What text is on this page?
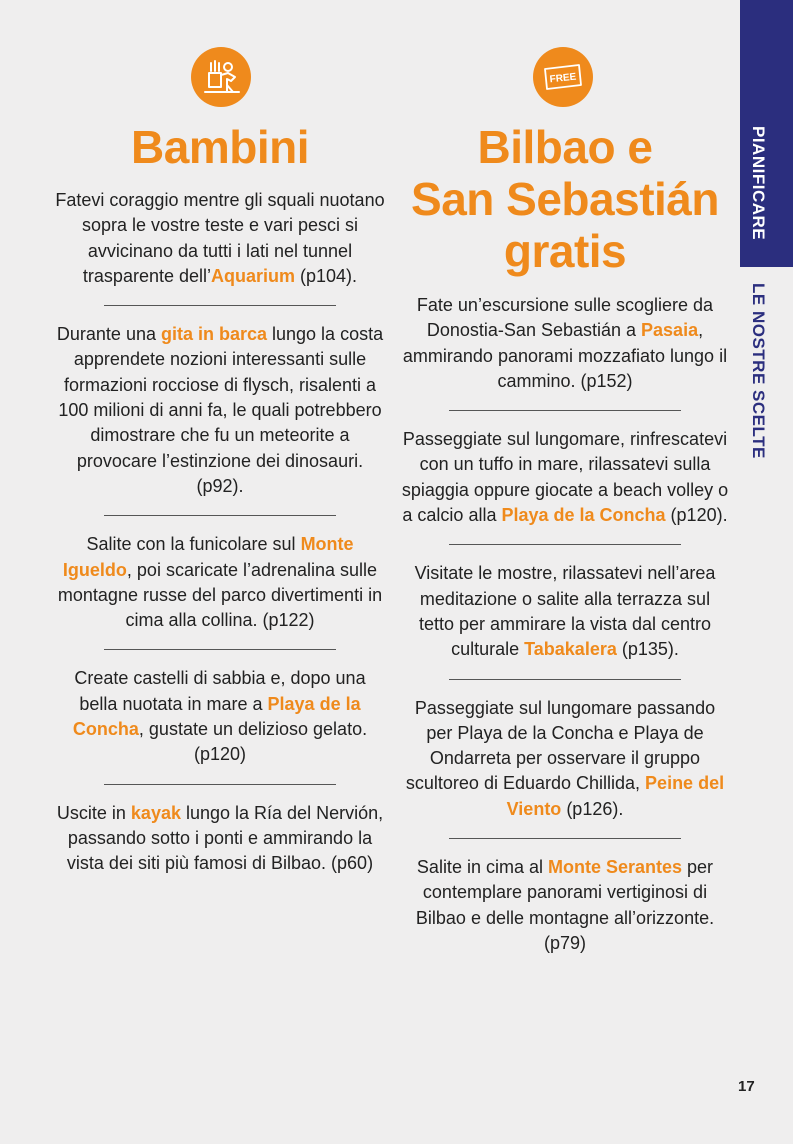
PIANIFICARE
LE NOSTRE SCELTE
Bambini
Fatevi coraggio mentre gli squali nuotano sopra le vostre teste e vari pesci si avvicinano da tutti i lati nel tunnel trasparente dell’Aquarium (p104).
Durante una gita in barca lungo la costa apprendete nozioni interessanti sulle formazioni rocciose di flysch, risalenti a 100 milioni di anni fa, le quali potrebbero dimostrare che fu un meteorite a provocare l’estinzione dei dinosauri. (p92).
Salite con la funicolare sul Monte Igueldo, poi scaricate l’adrenalina sulle montagne russe del parco divertimenti in cima alla collina. (p122)
Create castelli di sabbia e, dopo una bella nuotata in mare a Playa de la Concha, gustate un delizioso gelato. (p120)
Uscite in kayak lungo la Ría del Nervión, passando sotto i ponti e ammirando la vista dei siti più famosi di Bilbao. (p60)
FREE
Bilbao e
San Sebastián
gratis
Fate un’escursione sulle scogliere da Donostia-San Sebastián a Pasaia, ammirando panorami mozzafiato lungo il cammino. (p152)
Passeggiate sul lungomare, rinfrescatevi con un tuffo in mare, rilassatevi sulla spiaggia oppure giocate a beach volley o a calcio alla Playa de la Concha (p120).
Visitate le mostre, rilassatevi nell’area meditazione o salite alla terrazza sul tetto per ammirare la vista dal centro culturale Tabakalera (p135).
Passeggiate sul lungomare passando per Playa de la Concha e Playa de Ondarreta per osservare il gruppo scultoreo di Eduardo Chillida, Peine del Viento (p126).
Salite in cima al Monte Serantes per contemplare panorami vertiginosi di Bilbao e delle montagne all’orizzonte. (p79)
17
